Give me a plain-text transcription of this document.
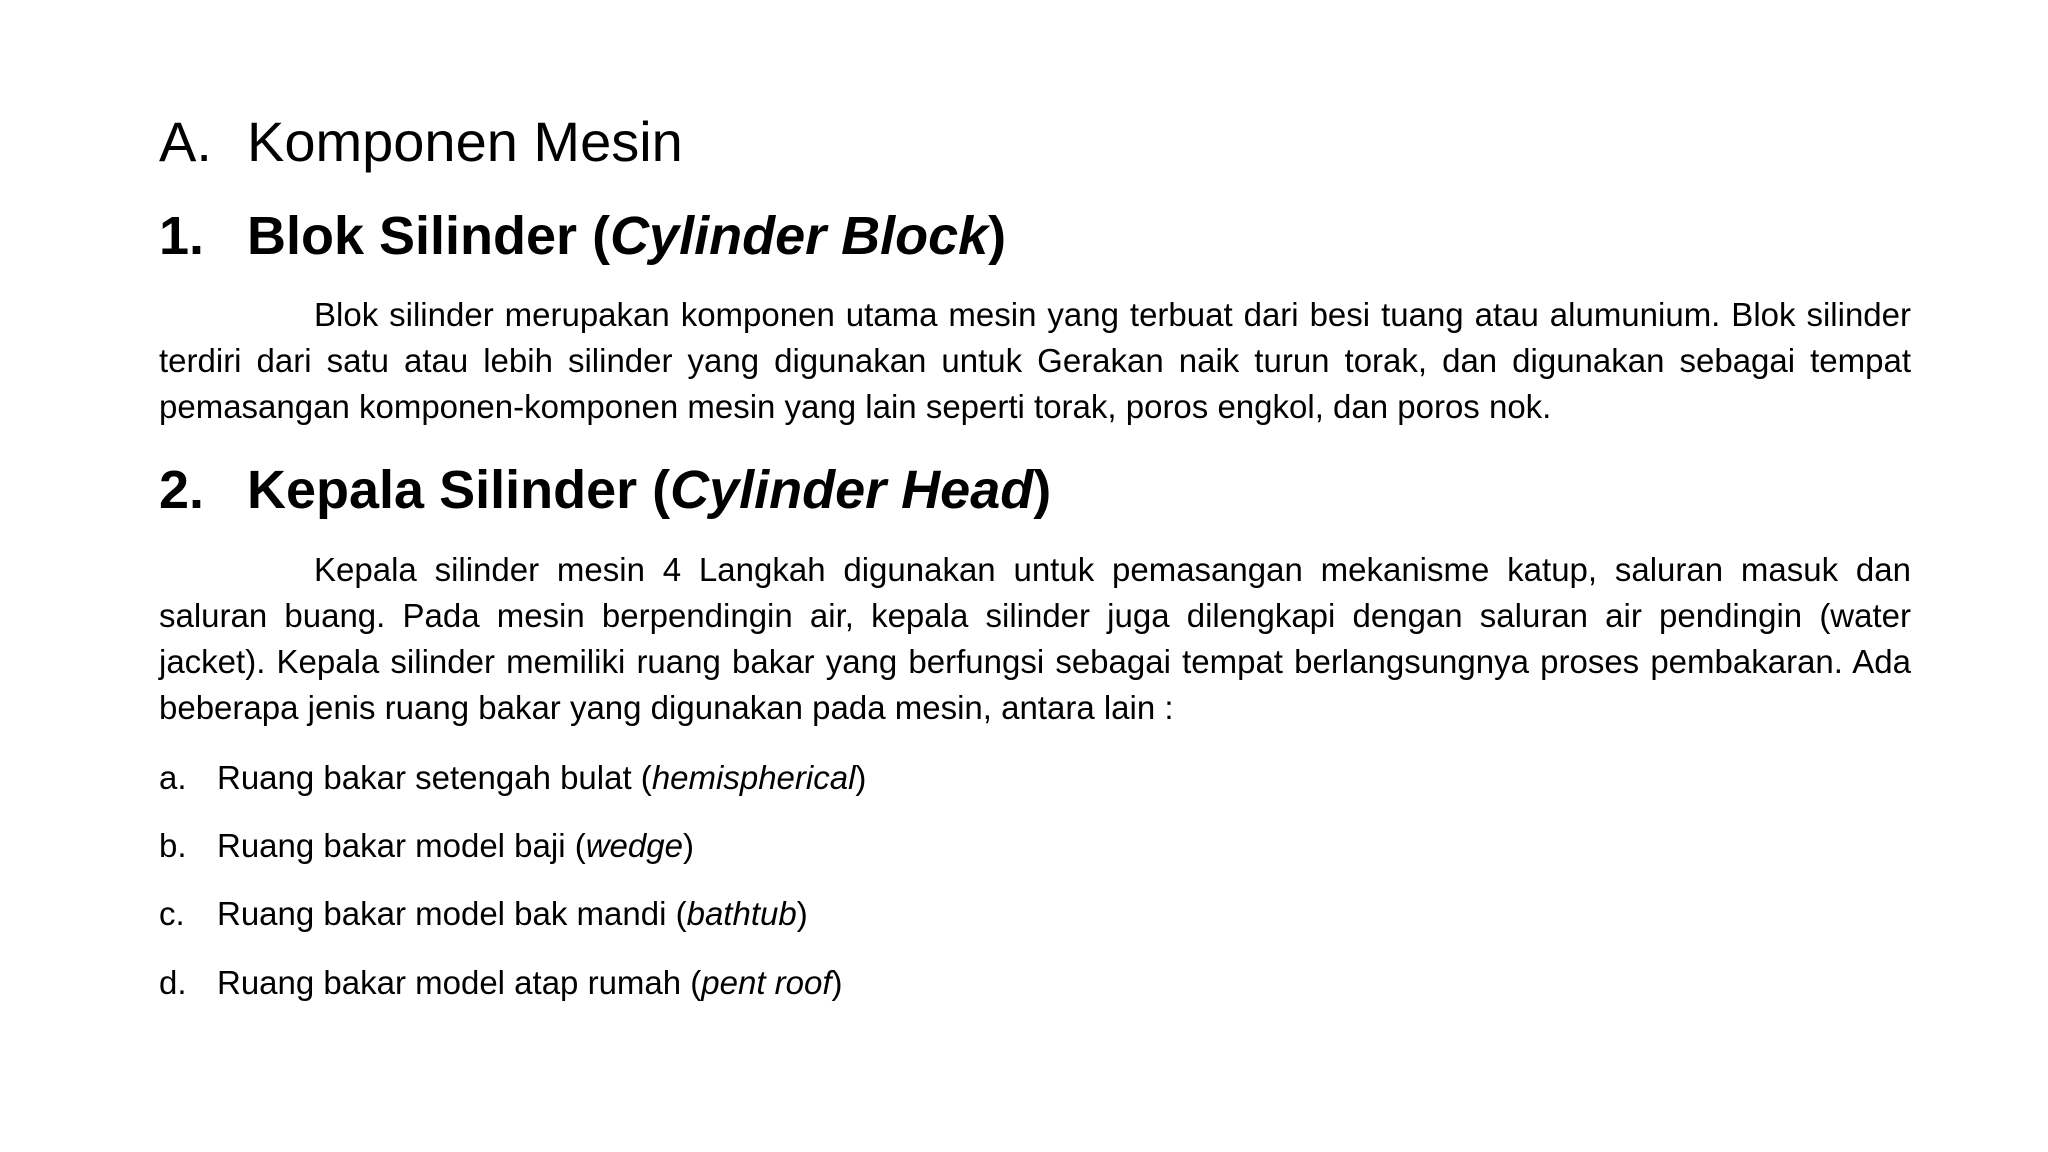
A. Komponen Mesin
1. Blok Silinder (Cylinder Block)

Blok silinder merupakan komponen utama mesin yang terbuat dari besi tuang atau alumunium. Blok silinder terdiri dari satu atau lebih silinder yang digunakan untuk Gerakan naik turun torak, dan digunakan sebagai tempat pemasangan komponen-komponen mesin yang lain seperti torak, poros engkol, dan poros nok.

2. Kepala Silinder (Cylinder Head)

Kepala silinder mesin 4 Langkah digunakan untuk pemasangan mekanisme katup, saluran masuk dan saluran buang. Pada mesin berpendingin air, kepala silinder juga dilengkapi dengan saluran air pendingin (water jacket). Kepala silinder memiliki ruang bakar yang berfungsi sebagai tempat berlangsungnya proses pembakaran. Ada beberapa jenis ruang bakar yang digunakan pada mesin, antara lain :

a. Ruang bakar setengah bulat (hemispherical)
b. Ruang bakar model baji (wedge)
c. Ruang bakar model bak mandi (bathtub)
d. Ruang bakar model atap rumah (pent roof)
